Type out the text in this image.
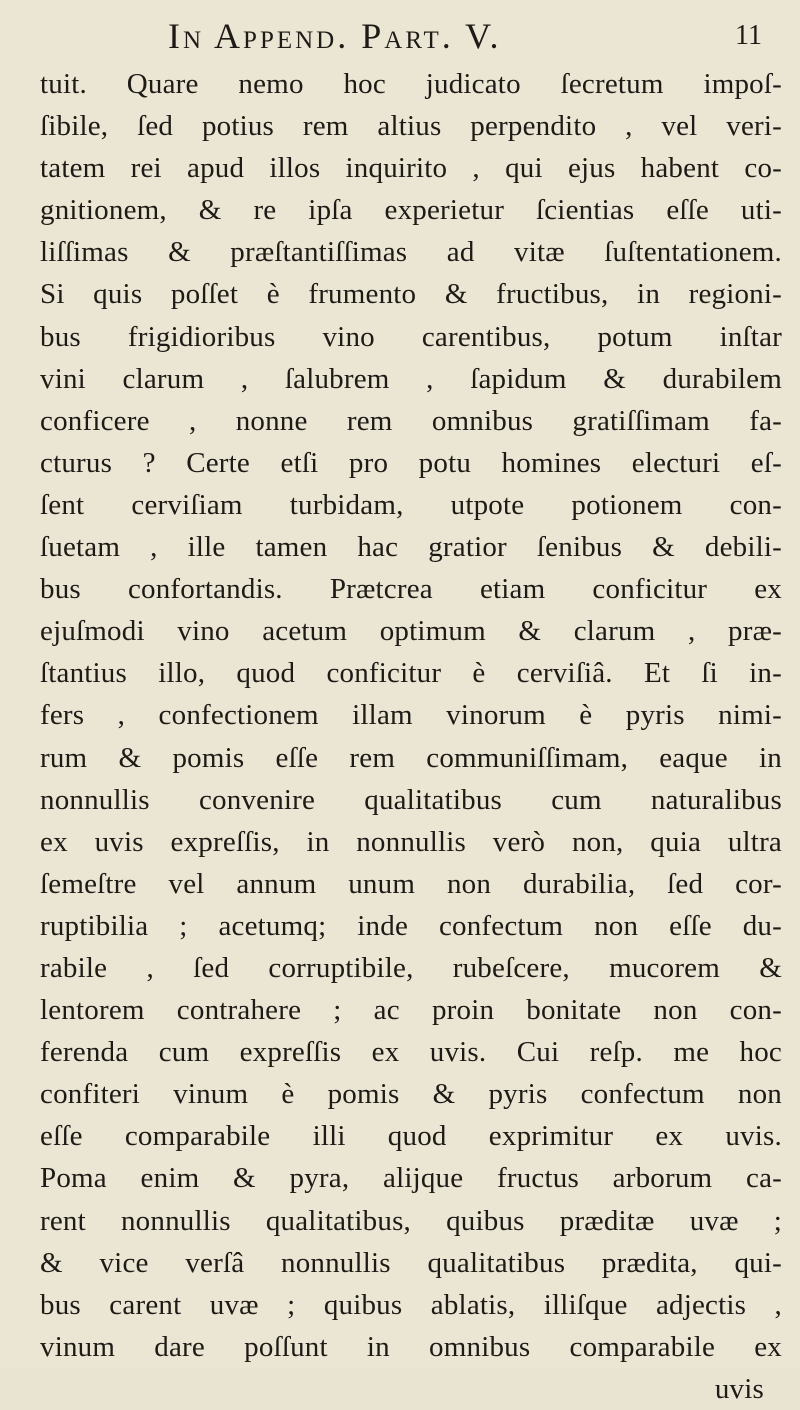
In Append. Part. V.	11
tuit. Quare nemo hoc judicato ſecretum impoſ-
ſibile, ſed potius rem altius perpendito , vel veri-
tatem rei apud illos inquirito , qui ejus habent co-
gnitionem, & re ipſa experietur ſcientias eſſe uti-
liſſimas & præſtantiſſimas ad vitæ ſuſtentationem.
Si quis poſſet è frumento & fructibus, in regioni-
bus frigidioribus vino carentibus, potum inſtar
vini clarum , ſalubrem , ſapidum & durabilem
conficere , nonne rem omnibus gratiſſimam fa-
cturus ? Certe etſi pro potu homines electuri eſ-
ſent cerviſiam turbidam, utpote potionem con-
ſuetam , ille tamen hac gratior ſenibus & debili-
bus confortandis. Prætcrea etiam conficitur ex
ejuſmodi vino acetum optimum & clarum , præ-
ſtantius illo, quod conficitur è cerviſiâ. Et ſi in-
fers , confectionem illam vinorum è pyris nimi-
rum & pomis eſſe rem communiſſimam, eaque in
nonnullis convenire qualitatibus cum naturalibus
ex uvis expreſſis, in nonnullis verò non, quia ultra
ſemeſtre vel annum unum non durabilia, ſed cor-
ruptibilia ; acetumq; inde confectum non eſſe du-
rabile , ſed corruptibile, rubeſcere, mucorem &
lentorem contrahere ; ac proin bonitate non con-
ferenda cum expreſſis ex uvis. Cui reſp. me hoc
confiteri vinum è pomis & pyris confectum non
eſſe comparabile illi quod exprimitur ex uvis.
Poma enim & pyra, alijque fructus arborum ca-
rent nonnullis qualitatibus, quibus præditæ uvæ ;
& vice verſâ nonnullis qualitatibus prædita, qui-
bus carent uvæ ; quibus ablatis, illiſque adjectis ,
vinum dare poſſunt in omnibus comparabile ex
uvis
